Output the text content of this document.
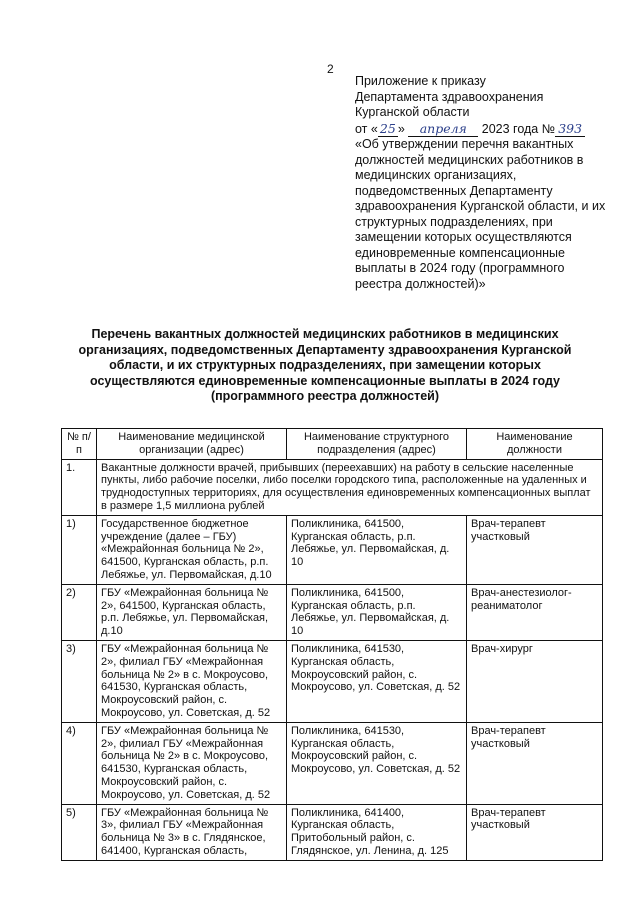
2
Приложение к приказу
Департамента здравоохранения
Курганской области
от « 25 » апреля 2023 года № 393
«Об утверждении перечня вакантных должностей медицинских работников в медицинских организациях, подведомственных Департаменту здравоохранения Курганской области, и их структурных подразделениях, при замещении которых осуществляются единовременные компенсационные выплаты в 2024 году (программного реестра должностей)»
Перечень вакантных должностей медицинских работников в медицинских организациях, подведомственных Департаменту здравоохранения Курганской области, и их структурных подразделениях, при замещении которых осуществляются единовременные компенсационные выплаты в 2024 году (программного реестра должностей)
№ п/п	Наименование медицинской организации (адрес)	Наименование структурного подразделения (адрес)	Наименование должности
1.	Вакантные должности врачей, прибывших (переехавших) на работу в сельские населенные пункты, либо рабочие поселки, либо поселки городского типа, расположенные на удаленных и труднодоступных территориях, для осуществления единовременных компенсационных выплат в размере 1,5 миллиона рублей		
1)	Государственное бюджетное учреждение (далее – ГБУ) «Межрайонная больница № 2», 641500, Курганская область, р.п. Лебяжье, ул. Первомайская, д.10	Поликлиника, 641500, Курганская область, р.п. Лебяжье, ул. Первомайская, д. 10	Врач-терапевт участковый
2)	ГБУ «Межрайонная больница № 2», 641500, Курганская область, р.п. Лебяжье, ул. Первомайская, д.10	Поликлиника, 641500, Курганская область, р.п. Лебяжье, ул. Первомайская, д. 10	Врач-анестезиолог-реаниматолог
3)	ГБУ «Межрайонная больница № 2», филиал ГБУ «Межрайонная больница № 2» в с. Мокроусово, 641530, Курганская область, Мокроусовский район, с. Мокроусово, ул. Советская, д. 52	Поликлиника, 641530, Курганская область, Мокроусовский район, с. Мокроусово, ул. Советская, д. 52	Врач-хирург
4)	ГБУ «Межрайонная больница № 2», филиал ГБУ «Межрайонная больница № 2» в с. Мокроусово, 641530, Курганская область, Мокроусовский район, с. Мокроусово, ул. Советская, д. 52	Поликлиника, 641530, Курганская область, Мокроусовский район, с. Мокроусово, ул. Советская, д. 52	Врач-терапевт участковый
5)	ГБУ «Межрайонная больница № 3», филиал ГБУ «Межрайонная больница № 3» в с. Глядянское, 641400, Курганская область,	Поликлиника, 641400, Курганская область, Притобольный район, с. Глядянское, ул. Ленина, д. 125	Врач-терапевт участковый
